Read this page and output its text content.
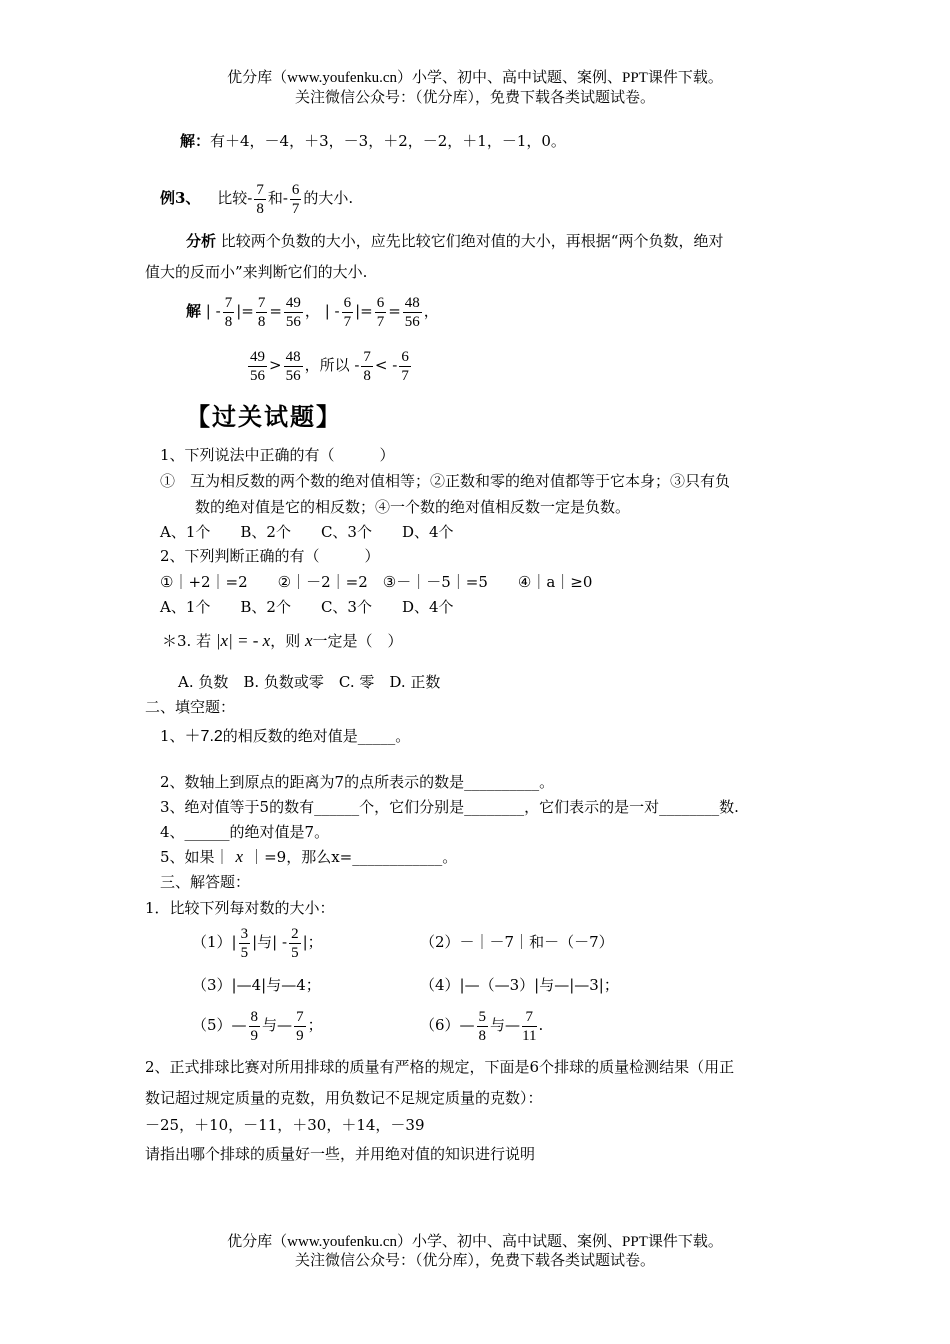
优分库（www.youfenku.cn）小学、初中、高中试题、案例、PPT课件下载。
关注微信公众号：（优分库），免费下载各类试题试卷。
解：有＋4，－4，＋3，－3，＋2，－2，＋1，－1，0。
例3、 比较- $\frac{7}{8}$ 和- $\frac{6}{7}$ 的大小.
分析 比较两个负数的大小，应先比较它们绝对值的大小，再根据“两个负数，绝对
值大的反而小”来判断它们的大小.
解 | - $\frac{7}{8}$ |= $\frac{7}{8} = \frac{49}{56}$ ， | - $\frac{6}{7}$ |= $\frac{6}{7} = \frac{48}{56}$ ，
$\frac{49}{56} > \frac{48}{56}$ ，所以 - $\frac{7}{8}$ < - $\frac{6}{7}$
【过关试题】
1、下列说法中正确的有（　　　）
①　互为相反数的两个数的绝对值相等；②正数和零的绝对值都等于它本身；③只有负
数的绝对值是它的相反数；④一个数的绝对值相反数一定是负数。
A、1个　　B、2个　　C、3个　　D、4个
2、下列判断正确的有（　　　）
①｜+2｜=2　　②｜－2｜=2　③－｜－5｜=5　　④｜a｜≥0
A、1个　　B、2个　　C、3个　　D、4个
＊3. 若 |x| = - x，则 x一定是（　）
A. 负数　B. 负数或零　C. 零　D. 正数
二、填空题：
1、＋7.2的相反数的绝对值是_____。
2、数轴上到原点的距离为7的点所表示的数是__________。
3、绝对值等于5的数有______个，它们分别是________，它们表示的是一对________数.
4、______的绝对值是7。
5、如果｜ x ｜=9，那么x=____________。
三、解答题：
1．比较下列每对数的大小：
$(1)| \frac{3}{5}$ |与| - $\frac{2}{5}$ |；	（2）－｜－7｜和－（－7）
（3）|—4|与—4；	（4）|—（—3）|与—|—3|；
（5）— $\frac{8}{9}$ 与— $\frac{7}{9}$ ；	（6）— $\frac{5}{8}$ 与— $\frac{7}{11}$ .
2、正式排球比赛对所用排球的质量有严格的规定，下面是6个排球的质量检测结果（用正
数记超过规定质量的克数，用负数记不足规定质量的克数）：
－25，＋10，－11，＋30，＋14，－39
请指出哪个排球的质量好一些，并用绝对值的知识进行说明
优分库（www.youfenku.cn）小学、初中、高中试题、案例、PPT课件下载。
关注微信公众号：（优分库），免费下载各类试题试卷。
